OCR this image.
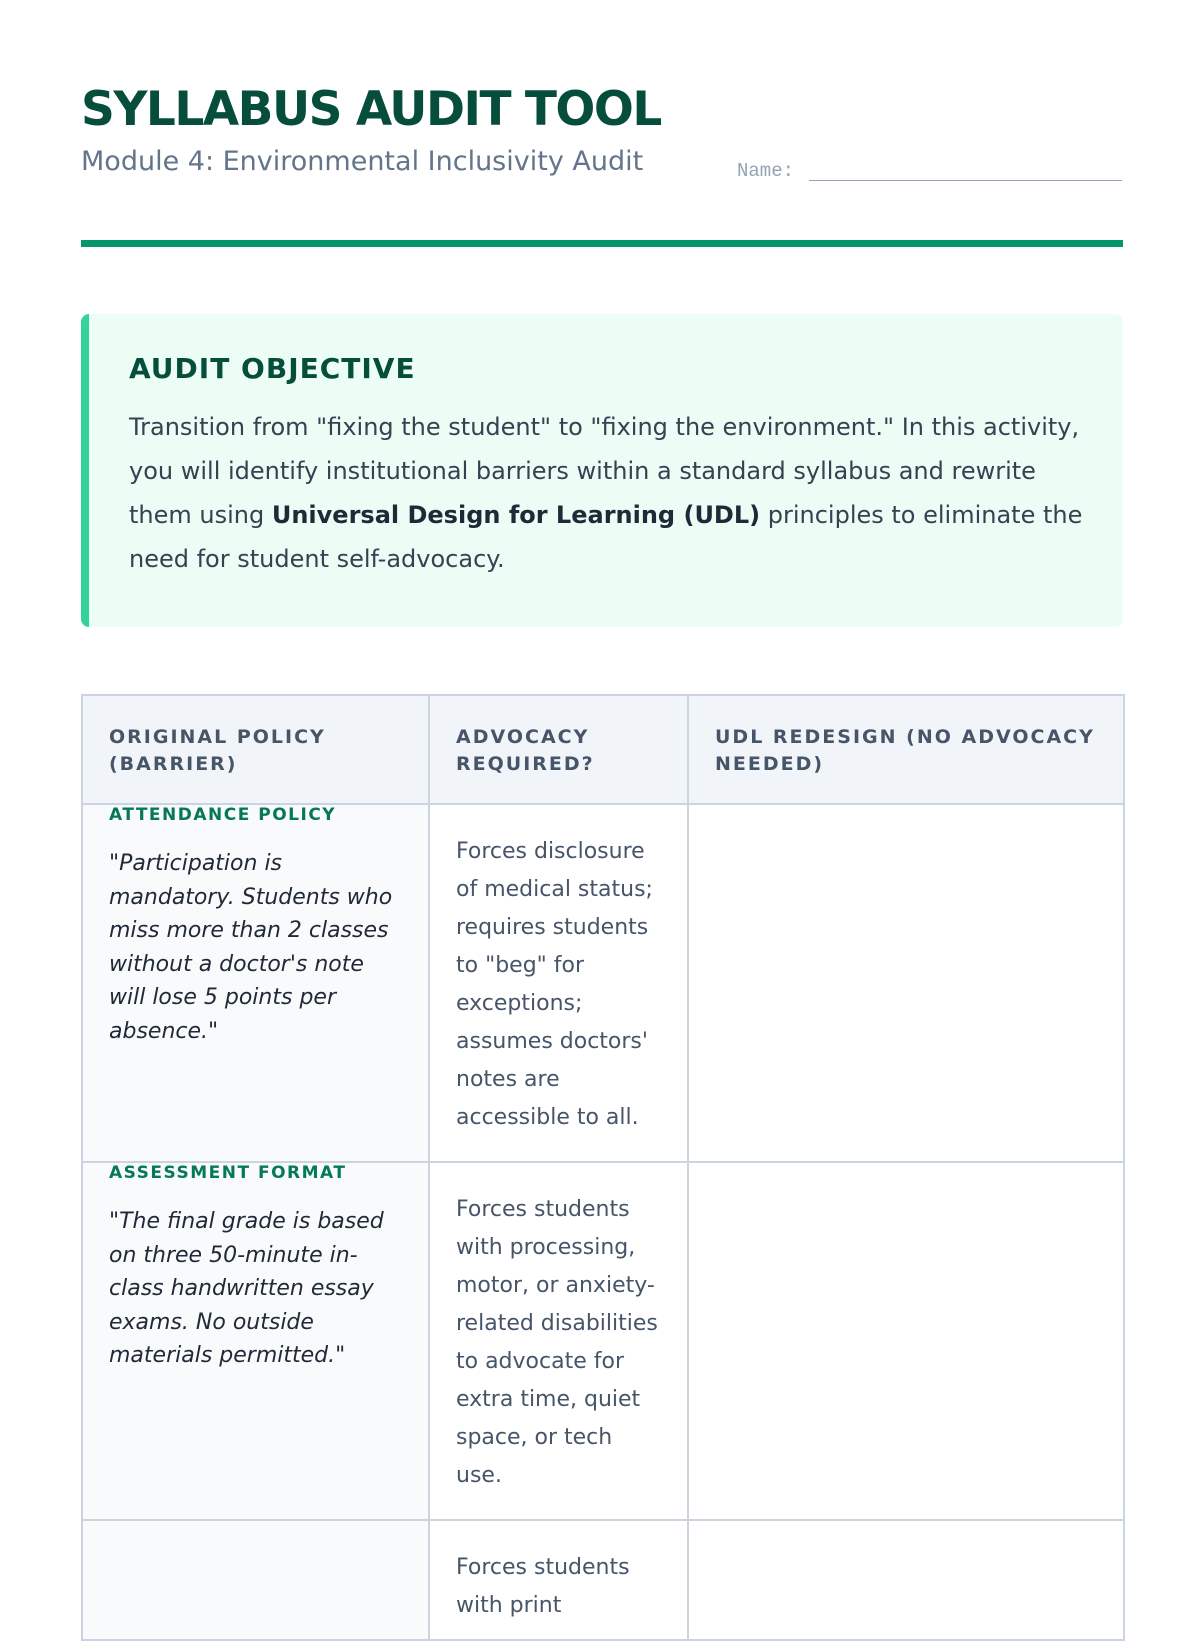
SYLLABUS AUDIT TOOL
Module 4: Environmental Inclusivity Audit	Name:
AUDIT OBJECTIVE

Transition from "fixing the student" to "fixing the environment." In this activity, you will identify institutional barriers within a standard syllabus and rewrite them using Universal Design for Learning (UDL) principles to eliminate the need for student self-advocacy.

ORIGINAL POLICY (BARRIER)	ADVOCACY REQUIRED?	UDL REDESIGN (NO ADVOCACY NEEDED)

ATTENDANCE POLICY
"Participation is mandatory. Students who miss more than 2 classes without a doctor's note will lose 5 points per absence."	Forces disclosure of medical status; requires students to "beg" for exceptions; assumes doctors' notes are accessible to all.	

ASSESSMENT FORMAT
"The final grade is based on three 50-minute in-class handwritten essay exams. No outside materials permitted."	Forces students with processing, motor, or anxiety-related disabilities to advocate for extra time, quiet space, or tech use.	

	Forces students with print	
